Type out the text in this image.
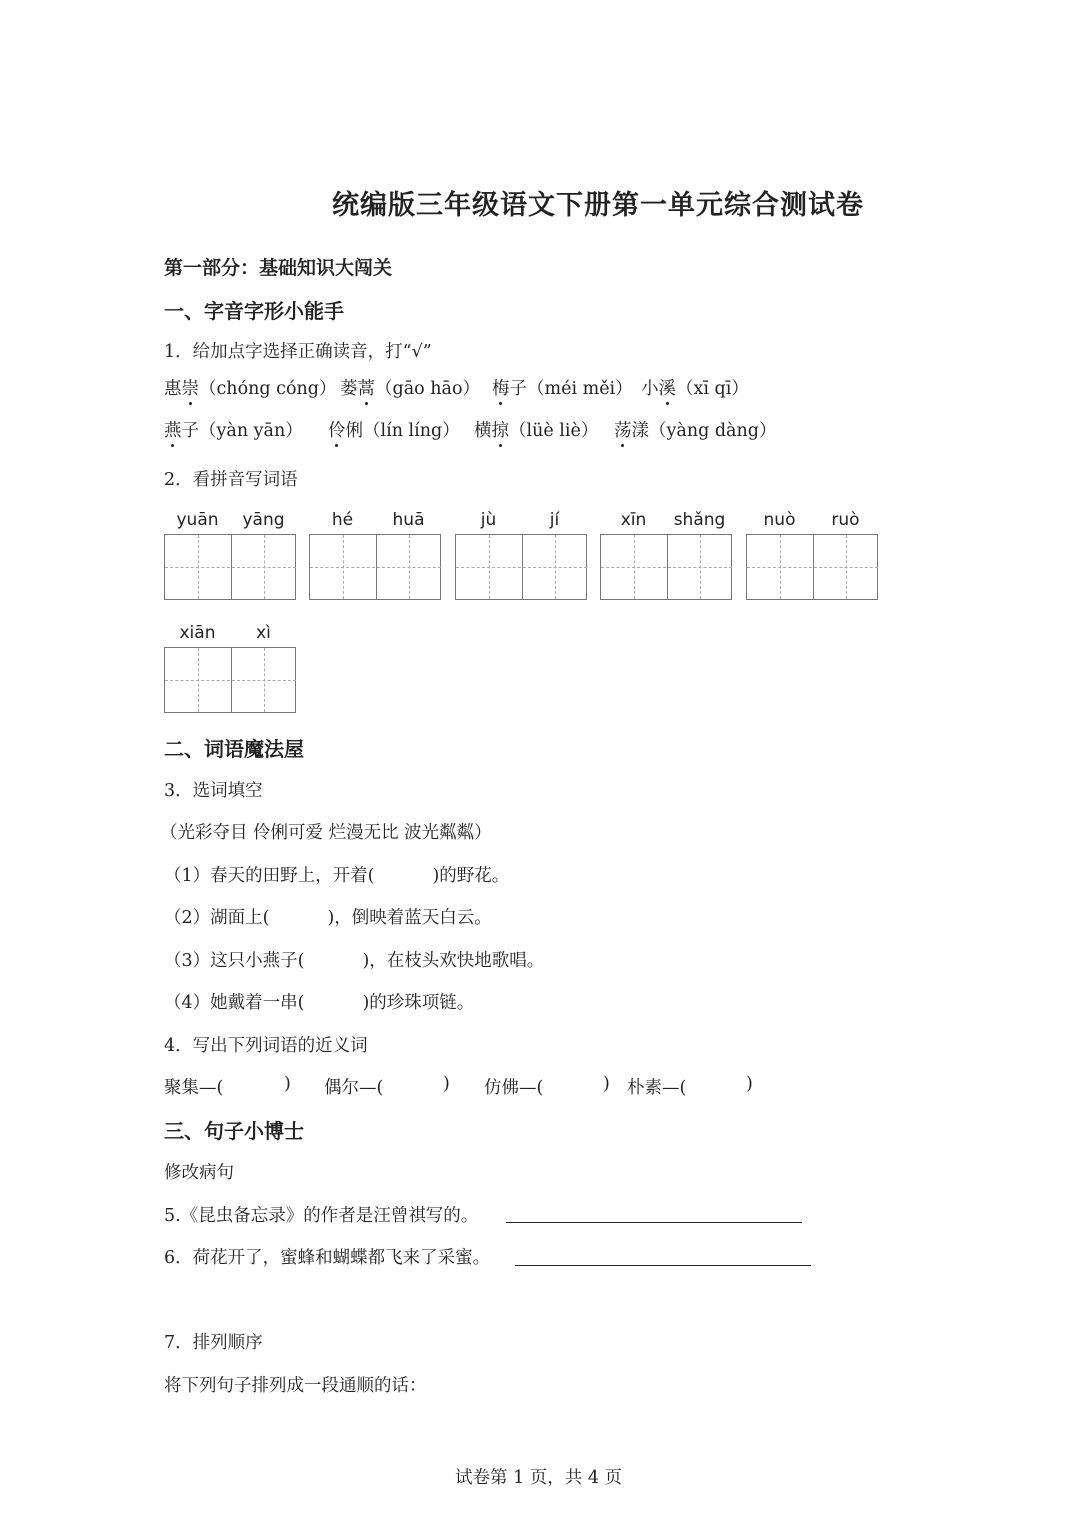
统编版三年级语文下册第一单元综合测试卷
第一部分：基础知识大闯关
一、字音字形小能手
1．给加点字选择正确读音，打“√”
惠崇（chóng cóng） 蒌蒿（gāo hāo） 梅子（méi měi） 小溪（xī qī）
燕子（yàn yān） 伶俐（lín líng） 横掠（lüè liè） 荡漾（yàng dàng）
2．看拼音写词语
yuān	yāng	hé	huā	jù	jí	xīn	shǎng	nuò	ruò
xiān	xì
二、词语魔法屋
3．选词填空
（光彩夺目 伶俐可爱 烂漫无比 波光粼粼）
（1）春天的田野上，开着(	)的野花。
（2）湖面上(	)，倒映着蓝天白云。
（3）这只小燕子(	)，在枝头欢快地歌唱。
（4）她戴着一串(	)的珍珠项链。
4．写出下列词语的近义词
聚集—(	) 偶尔—(	) 仿佛—(	) 朴素—(	)
三、句子小博士
修改病句
5.《昆虫备忘录》的作者是汪曾祺写的。
6．荷花开了，蜜蜂和蝴蝶都飞来了采蜜。
7．排列顺序
将下列句子排列成一段通顺的话：
试卷第 1 页，共 4 页
